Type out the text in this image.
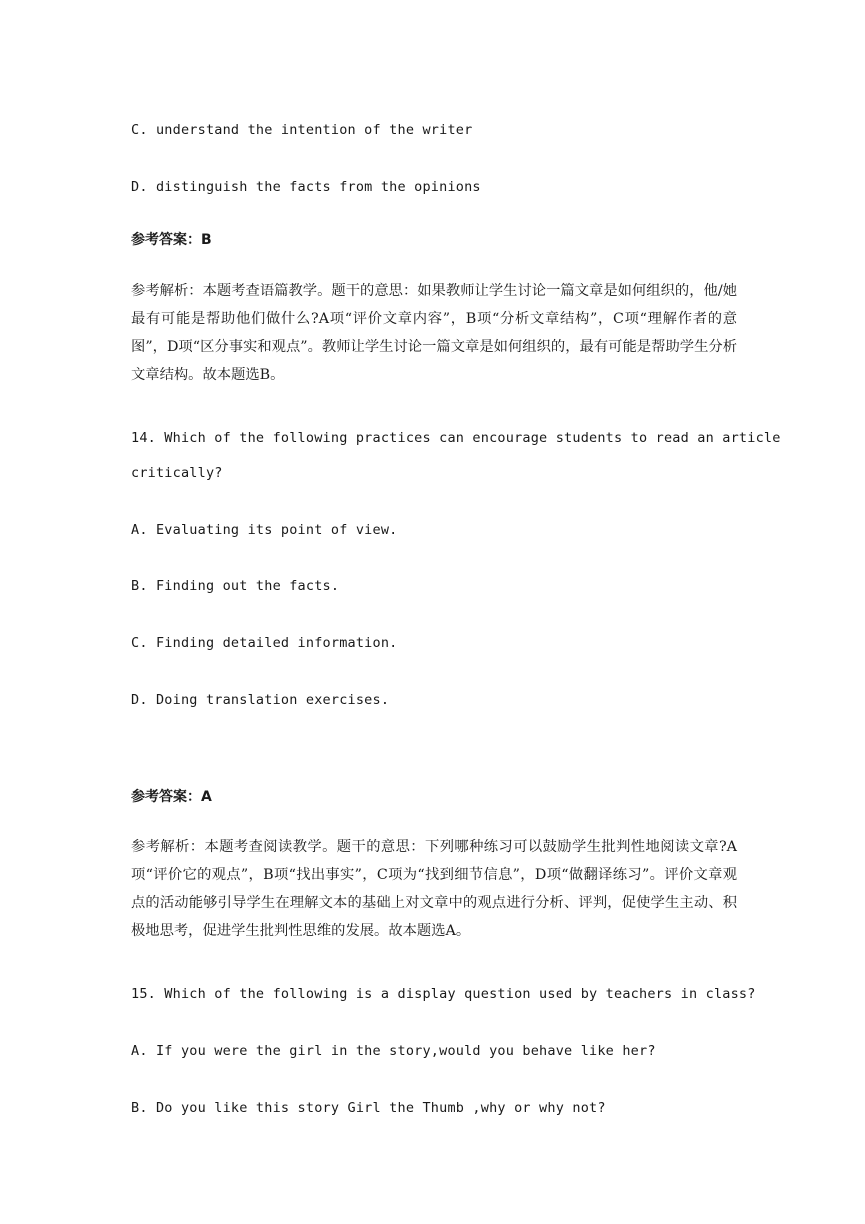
C. understand the intention of the writer
D. distinguish the facts from the opinions
参考答案：B
参考解析：本题考查语篇教学。题干的意思：如果教师让学生讨论一篇文章是如何组织的，他/她最有可能是帮助他们做什么?A项“评价文章内容”，B项“分析文章结构”，C项“理解作者的意图”，D项“区分事实和观点”。教师让学生讨论一篇文章是如何组织的，最有可能是帮助学生分析文章结构。故本题选B。
14. Which of the following practices can encourage students to read an article
critically?
A. Evaluating its point of view.
B. Finding out the facts.
C. Finding detailed information.
D. Doing translation exercises.
参考答案：A
参考解析：本题考查阅读教学。题干的意思：下列哪种练习可以鼓励学生批判性地阅读文章?A项“评价它的观点”，B项“找出事实”，C项为“找到细节信息”，D项“做翻译练习”。评价文章观点的活动能够引导学生在理解文本的基础上对文章中的观点进行分析、评判，促使学生主动、积极地思考，促进学生批判性思维的发展。故本题选A。
15. Which of the following is a display question used by teachers in class?
A. If you were the girl in the story,would you behave like her?
B. Do you like this story Girl the Thumb ,why or why not?
